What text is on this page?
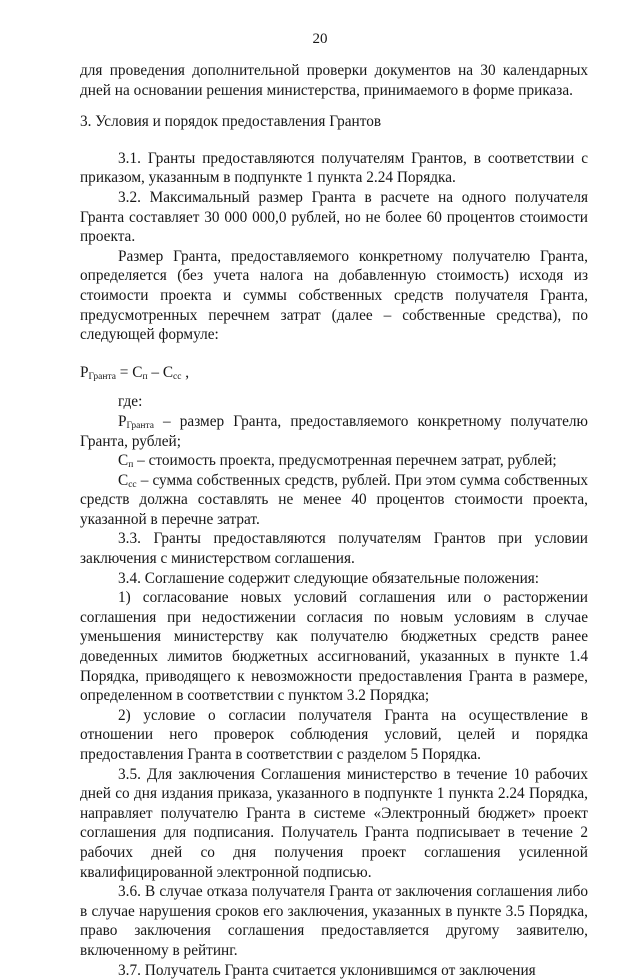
20

для проведения дополнительной проверки документов на 30 календарных дней на основании решения министерства, принимаемого в форме приказа.

3. Условия и порядок предоставления Грантов

3.1. Гранты предоставляются получателям Грантов, в соответствии с приказом, указанным в подпункте 1 пункта 2.24 Порядка.

3.2. Максимальный размер Гранта в расчете на одного получателя Гранта составляет 30 000 000,0 рублей, но не более 60 процентов стоимости проекта.

Размер Гранта, предоставляемого конкретному получателю Гранта, определяется (без учета налога на добавленную стоимость) исходя из стоимости проекта и суммы собственных средств получателя Гранта, предусмотренных перечнем затрат (далее – собственные средства), по следующей формуле:

$P_{Гранта} = C_п - C_{сс}$ ,

где:

$P_{Гранта}$ – размер Гранта, предоставляемого конкретному получателю Гранта, рублей;

$C_п$ – стоимость проекта, предусмотренная перечнем затрат, рублей;

$C_{сс}$ – сумма собственных средств, рублей. При этом сумма собственных средств должна составлять не менее 40 процентов стоимости проекта, указанной в перечне затрат.

3.3. Гранты предоставляются получателям Грантов при условии заключения с министерством соглашения.

3.4. Соглашение содержит следующие обязательные положения:

1) согласование новых условий соглашения или о расторжении соглашения при недостижении согласия по новым условиям в случае уменьшения министерству как получателю бюджетных средств ранее доведенных лимитов бюджетных ассигнований, указанных в пункте 1.4 Порядка, приводящего к невозможности предоставления Гранта в размере, определенном в соответствии с пунктом 3.2 Порядка;

2) условие о согласии получателя Гранта на осуществление в отношении него проверок соблюдения условий, целей и порядка предоставления Гранта в соответствии с разделом 5 Порядка.

3.5. Для заключения Соглашения министерство в течение 10 рабочих дней со дня издания приказа, указанного в подпункте 1 пункта 2.24 Порядка, направляет получателю Гранта в системе «Электронный бюджет» проект соглашения для подписания. Получатель Гранта подписывает в течение 2 рабочих дней со дня получения проект соглашения усиленной квалифицированной электронной подписью.

3.6. В случае отказа получателя Гранта от заключения соглашения либо в случае нарушения сроков его заключения, указанных в пункте 3.5 Порядка, право заключения соглашения предоставляется другому заявителю, включенному в рейтинг.

3.7. Получатель Гранта считается уклонившимся от заключения
